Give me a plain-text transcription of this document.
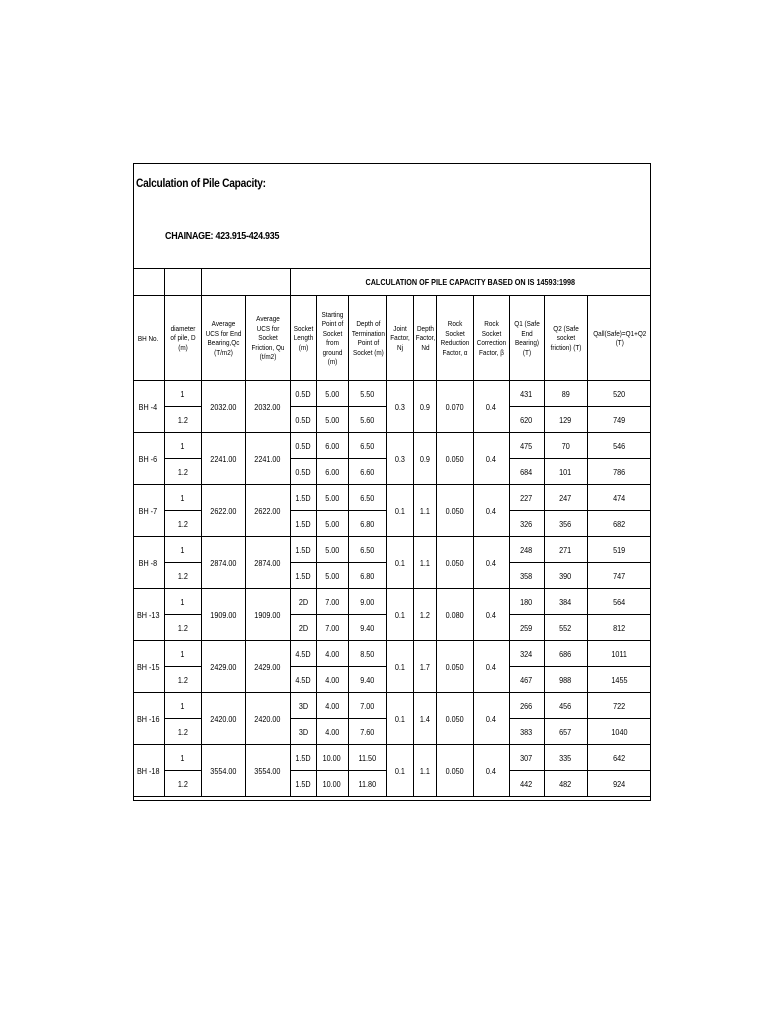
Calculation of Pile Capacity:
CHAINAGE: 423.915-424.935
				CALCULATION OF PILE CAPACITY BASED ON IS 14593:1998									
BH No.	diameter of pile, D (m)	Average UCS for End Bearing,Qc (T/m2)	Average UCS for Socket Friction, Qu (t/m2)	Socket Length (m)	Starting Point of Socket from ground (m)	Depth of Termination Point of Socket (m)	Joint Factor, Nj	Depth Factor, Nd	Rock Socket Reduction Factor, α	Rock Socket Correction Factor, β	Q1 (Safe End Bearing) (T)	Q2 (Safe socket friction) (T)	Qall(Safe)=Q1+Q2 (T)
BH -4	1	2032.00	2032.00	0.5D	5.00	5.50	0.3	0.9	0.070	0.4	431	89	520
	1.2			0.5D	5.00	5.60					620	129	749
BH -6	1	2241.00	2241.00	0.5D	6.00	6.50	0.3	0.9	0.050	0.4	475	70	546
	1.2			0.5D	6.00	6.60					684	101	786
BH -7	1	2622.00	2622.00	1.5D	5.00	6.50	0.1	1.1	0.050	0.4	227	247	474
	1.2			1.5D	5.00	6.80					326	356	682
BH -8	1	2874.00	2874.00	1.5D	5.00	6.50	0.1	1.1	0.050	0.4	248	271	519
	1.2			1.5D	5.00	6.80					358	390	747
BH -13	1	1909.00	1909.00	2D	7.00	9.00	0.1	1.2	0.080	0.4	180	384	564
	1.2			2D	7.00	9.40					259	552	812
BH -15	1	2429.00	2429.00	4.5D	4.00	8.50	0.1	1.7	0.050	0.4	324	686	1011
	1.2			4.5D	4.00	9.40					467	988	1455
BH -16	1	2420.00	2420.00	3D	4.00	7.00	0.1	1.4	0.050	0.4	266	456	722
	1.2			3D	4.00	7.60					383	657	1040
BH -18	1	3554.00	3554.00	1.5D	10.00	11.50	0.1	1.1	0.050	0.4	307	335	642
	1.2			1.5D	10.00	11.80					442	482	924
